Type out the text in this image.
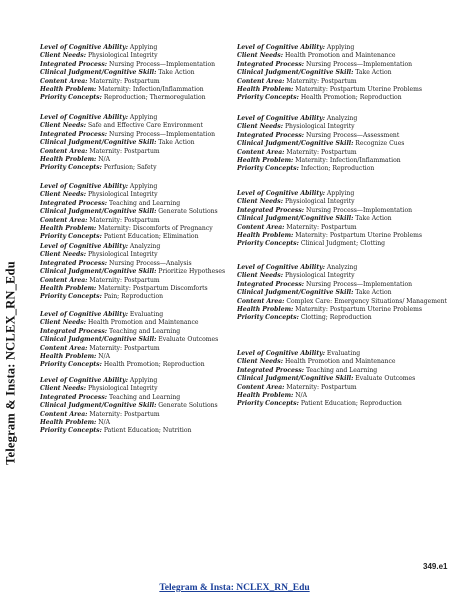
Telegram & Insta: NCLEX_RN_Edu
Level of Cognitive Ability: Applying
Client Needs: Physiological Integrity
Integrated Process: Nursing Process—Implementation
Clinical Judgment/Cognitive Skill: Take Action
Content Area: Maternity: Postpartum
Health Problem: Maternity: Infection/Inflammation
Priority Concepts: Reproduction; Thermoregulation
Level of Cognitive Ability: Applying
Client Needs: Safe and Effective Care Environment
Integrated Process: Nursing Process—Implementation
Clinical Judgment/Cognitive Skill: Take Action
Content Area: Maternity: Postpartum
Health Problem: N/A
Priority Concepts: Perfusion; Safety
Level of Cognitive Ability: Applying
Client Needs: Physiological Integrity
Integrated Process: Teaching and Learning
Clinical Judgment/Cognitive Skill: Generate Solutions
Content Area: Maternity: Postpartum
Health Problem: Maternity: Discomforts of Pregnancy
Priority Concepts: Patient Education; Elimination
Level of Cognitive Ability: Analyzing
Client Needs: Physiological Integrity
Integrated Process: Nursing Process—Analysis
Clinical Judgment/Cognitive Skill: Prioritize Hypotheses
Content Area: Maternity: Postpartum
Health Problem: Maternity: Postpartum Discomforts
Priority Concepts: Pain; Reproduction
Level of Cognitive Ability: Evaluating
Client Needs: Health Promotion and Maintenance
Integrated Process: Teaching and Learning
Clinical Judgment/Cognitive Skill: Evaluate Outcomes
Content Area: Maternity: Postpartum
Health Problem: N/A
Priority Concepts: Health Promotion; Reproduction
Level of Cognitive Ability: Applying
Client Needs: Physiological Integrity
Integrated Process: Teaching and Learning
Clinical Judgment/Cognitive Skill: Generate Solutions
Content Area: Maternity: Postpartum
Health Problem: N/A
Priority Concepts: Patient Education; Nutrition
Level of Cognitive Ability: Applying
Client Needs: Health Promotion and Maintenance
Integrated Process: Nursing Process—Implementation
Clinical Judgment/Cognitive Skill: Take Action
Content Area: Maternity: Postpartum
Health Problem: Maternity: Postpartum Uterine Problems
Priority Concepts: Health Promotion; Reproduction
Level of Cognitive Ability: Analyzing
Client Needs: Physiological Integrity
Integrated Process: Nursing Process—Assessment
Clinical Judgment/Cognitive Skill: Recognize Cues
Content Area: Maternity: Postpartum
Health Problem: Maternity: Infection/Inflammation
Priority Concepts: Infection; Reproduction
Level of Cognitive Ability: Applying
Client Needs: Physiological Integrity
Integrated Process: Nursing Process—Implementation
Clinical Judgment/Cognitive Skill: Take Action
Content Area: Maternity: Postpartum
Health Problem: Maternity: Postpartum Uterine Problems
Priority Concepts: Clinical Judgment; Clotting
Level of Cognitive Ability: Analyzing
Client Needs: Physiological Integrity
Integrated Process: Nursing Process—Implementation
Clinical Judgment/Cognitive Skill: Take Action
Content Area: Complex Care: Emergency Situations/ Management
Health Problem: Maternity: Postpartum Uterine Problems
Priority Concepts: Clotting; Reproduction
Level of Cognitive Ability: Evaluating
Client Needs: Health Promotion and Maintenance
Integrated Process: Teaching and Learning
Clinical Judgment/Cognitive Skill: Evaluate Outcomes
Content Area: Maternity: Postpartum
Health Problem: N/A
Priority Concepts: Patient Education; Reproduction
349.e1
Telegram & Insta: NCLEX_RN_Edu
